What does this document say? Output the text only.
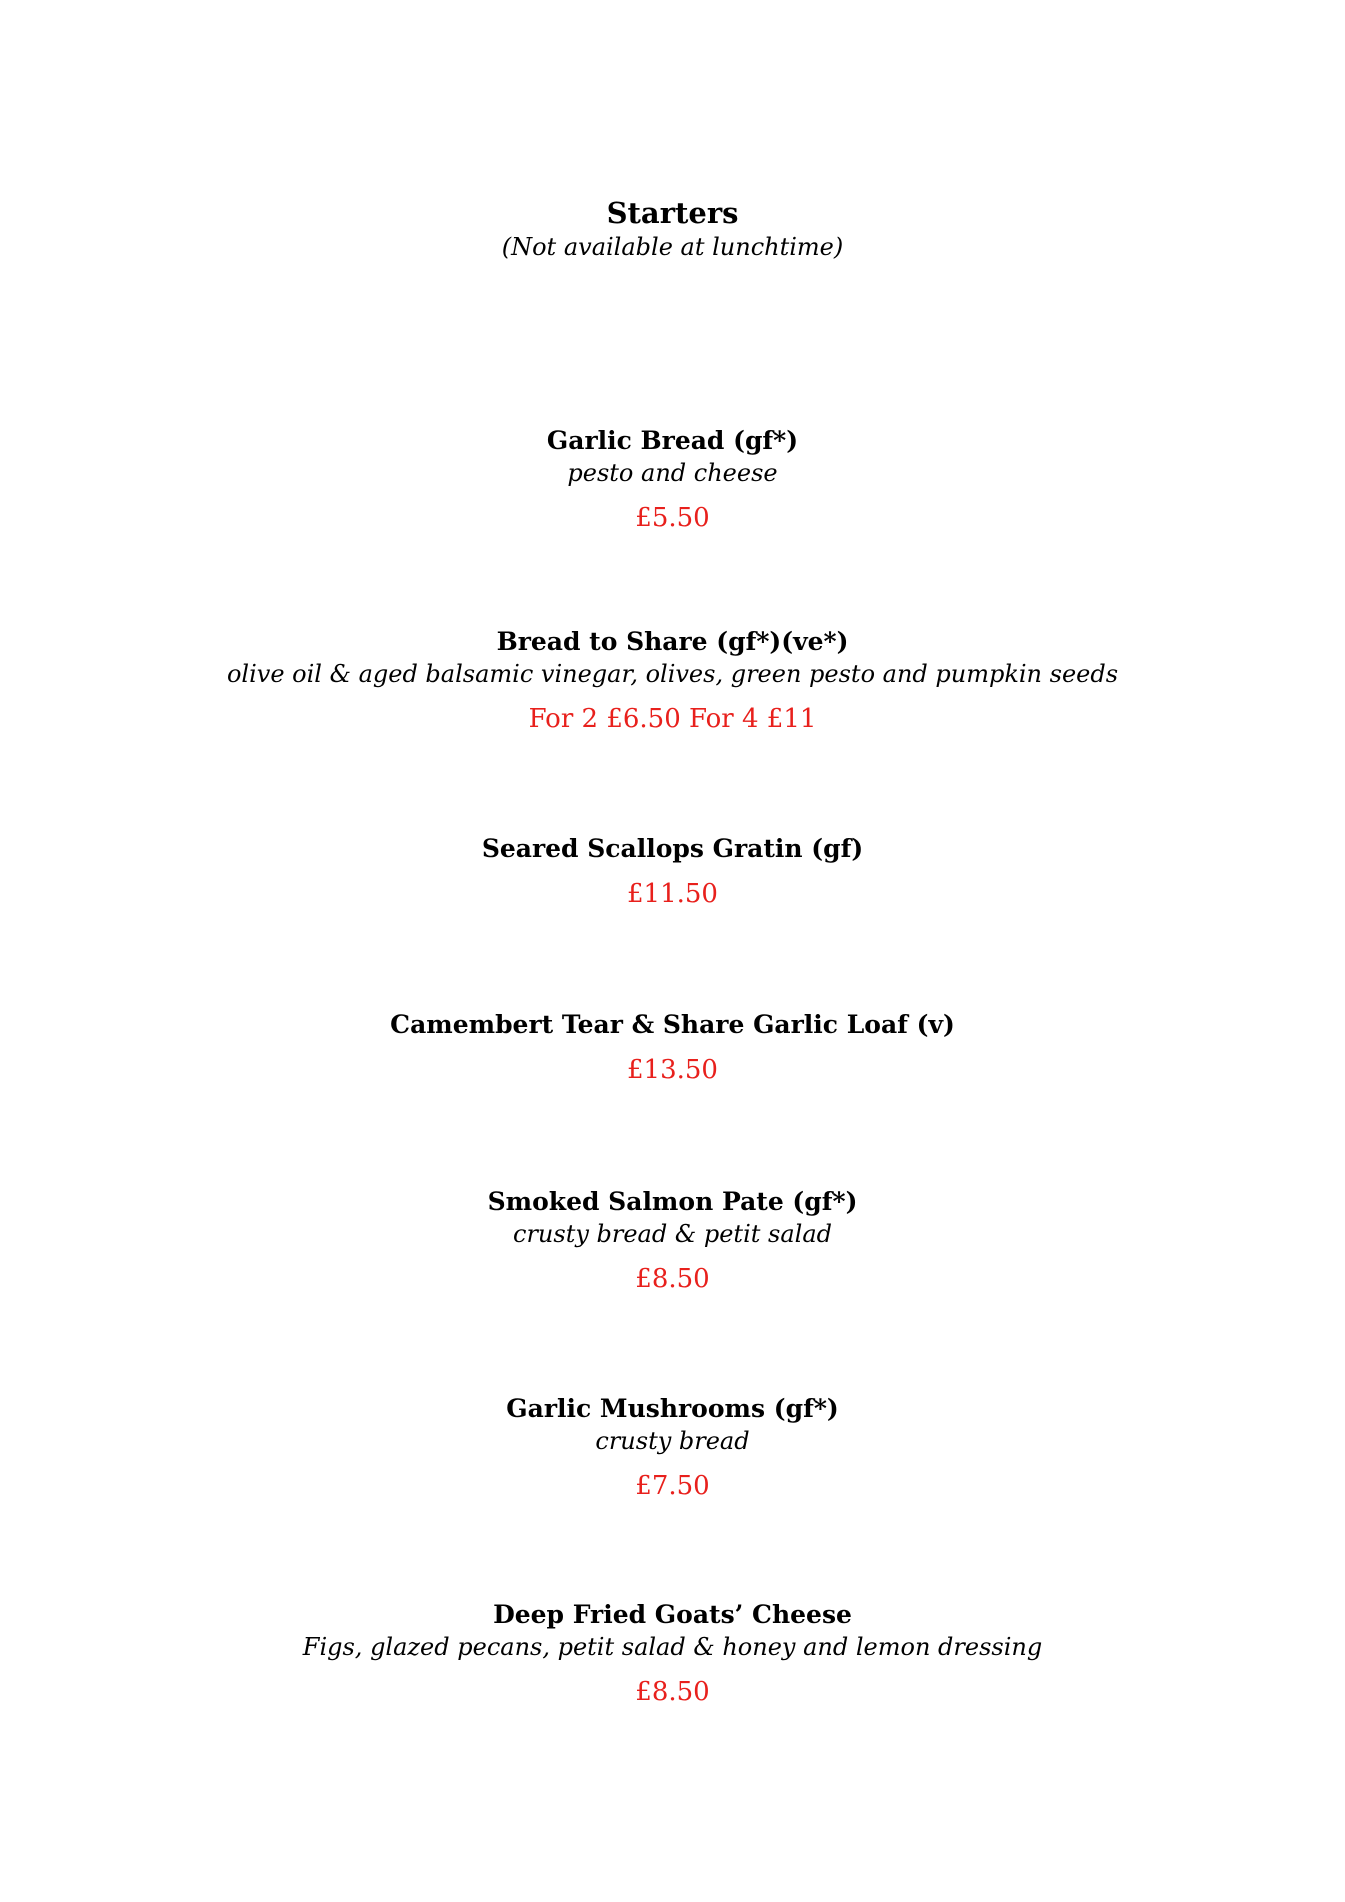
Starters

(Not available at lunchtime)

Garlic Bread (gf*)

pesto and cheese

£5.50

Bread to Share (gf*)(ve*)

olive oil & aged balsamic vinegar, olives, green pesto and pumpkin seeds

For 2 £6.50 For 4 £11

Seared Scallops Gratin (gf)

£11.50

Camembert Tear & Share Garlic Loaf (v)

£13.50

Smoked Salmon Pate (gf*)

crusty bread & petit salad

£8.50

Garlic Mushrooms (gf*)

crusty bread

£7.50

Deep Fried Goats’ Cheese

Figs, glazed pecans, petit salad & honey and lemon dressing

£8.50
